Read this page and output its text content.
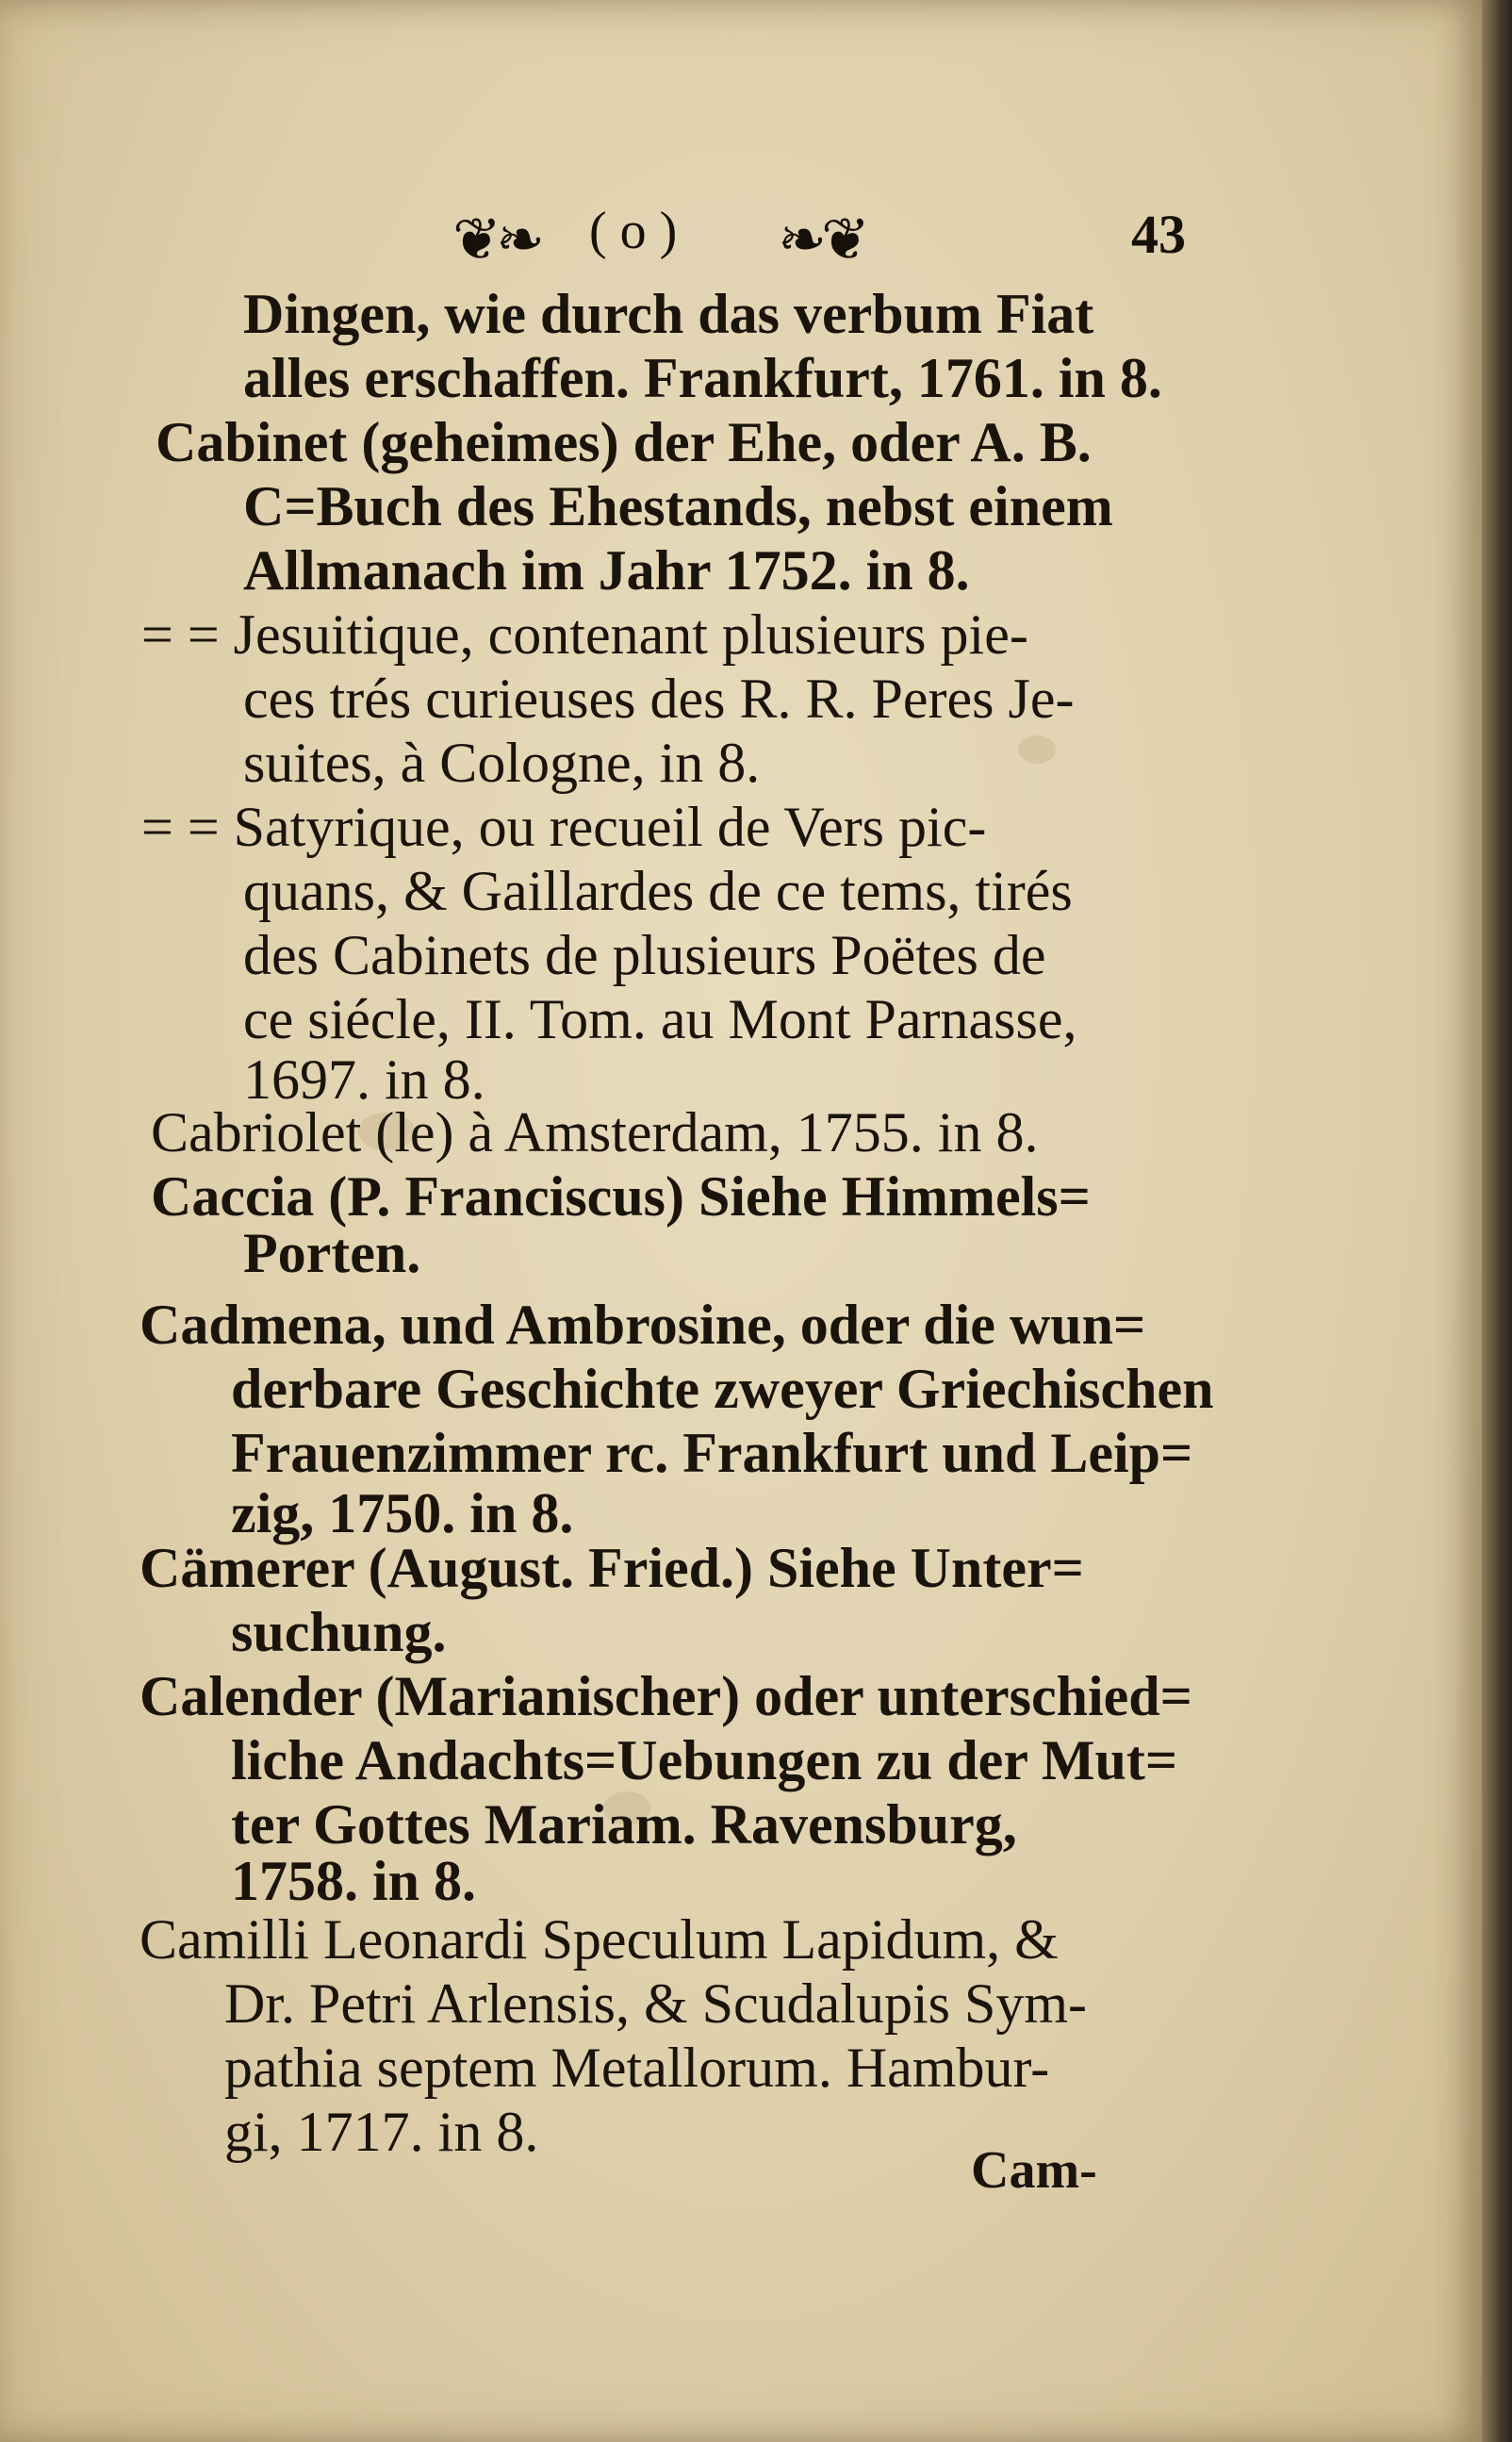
❦❧ ( o ) ❧❦	43
Dingen, wie durch das verbum Fiat
alles erschaffen. Frankfurt, 1761. in 8.
Cabinet (geheimes) der Ehe, oder A. B.
C=Buch des Ehestands, nebst einem
Allmanach im Jahr 1752. in 8.
= = Jesuitique, contenant plusieurs pie-
ces trés curieuses des R. R. Peres Je-
suites, à Cologne, in 8.
= = Satyrique, ou recueil de Vers pic-
quans, & Gaillardes de ce tems, tirés
des Cabinets de plusieurs Poëtes de
ce siécle, II. Tom. au Mont Parnasse,
1697. in 8.
Cabriolet (le) à Amsterdam, 1755. in 8.
Caccia (P. Franciscus) Siehe Himmels=
Porten.
Cadmena, und Ambrosine, oder die wun=
derbare Geschichte zweyer Griechischen
Frauenzimmer rc. Frankfurt und Leip=
zig, 1750. in 8.
Cämerer (August. Fried.) Siehe Unter=
suchung.
Calender (Marianischer) oder unterschied=
liche Andachts=Uebungen zu der Mut=
ter Gottes Mariam. Ravensburg,
1758. in 8.
Camilli Leonardi Speculum Lapidum, &
Dr. Petri Arlensis, & Scudalupis Sym-
pathia septem Metallorum. Hambur-
gi, 1717. in 8.
Cam-
